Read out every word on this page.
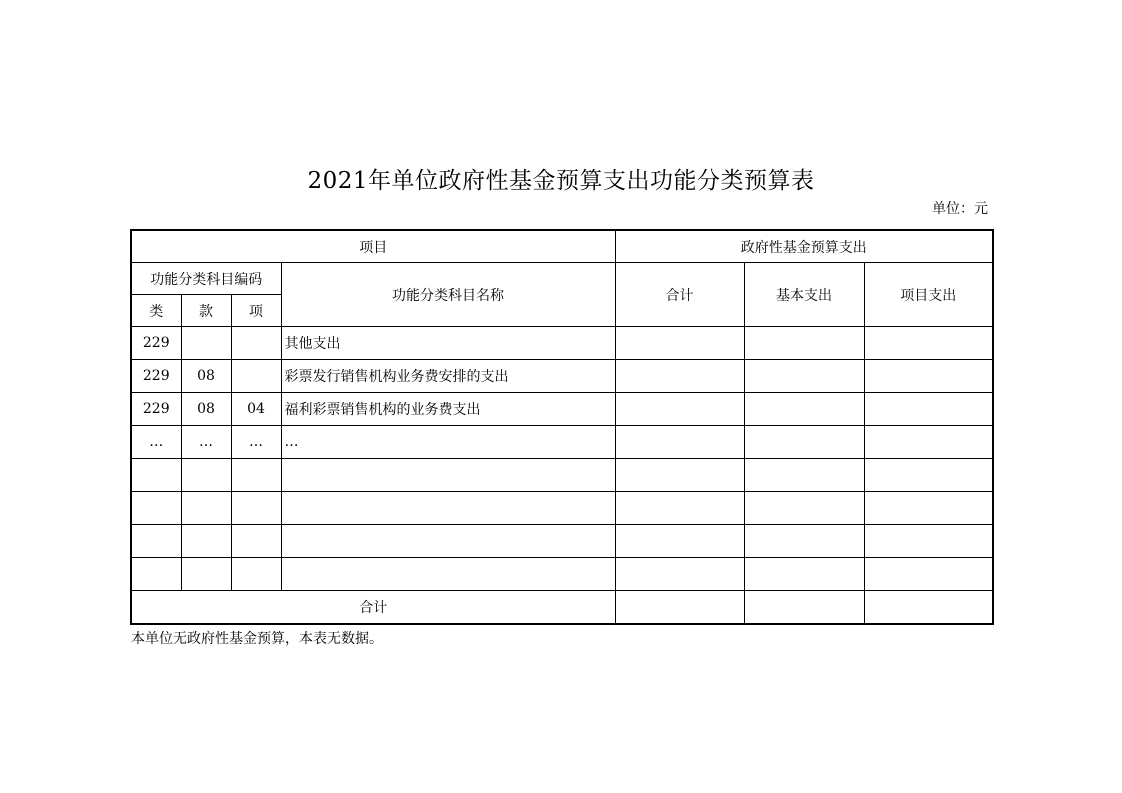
2021年单位政府性基金预算支出功能分类预算表
单位：元
项目				政府性基金预算支出		
功能分类科目编码			功能分类科目名称	合计	基本支出	项目支出
类	款	项				
229			其他支出			
229	08		彩票发行销售机构业务费安排的支出			
229	08	04	福利彩票销售机构的业务费支出			
…	…	…	…			

合计						
本单位无政府性基金预算，本表无数据。
